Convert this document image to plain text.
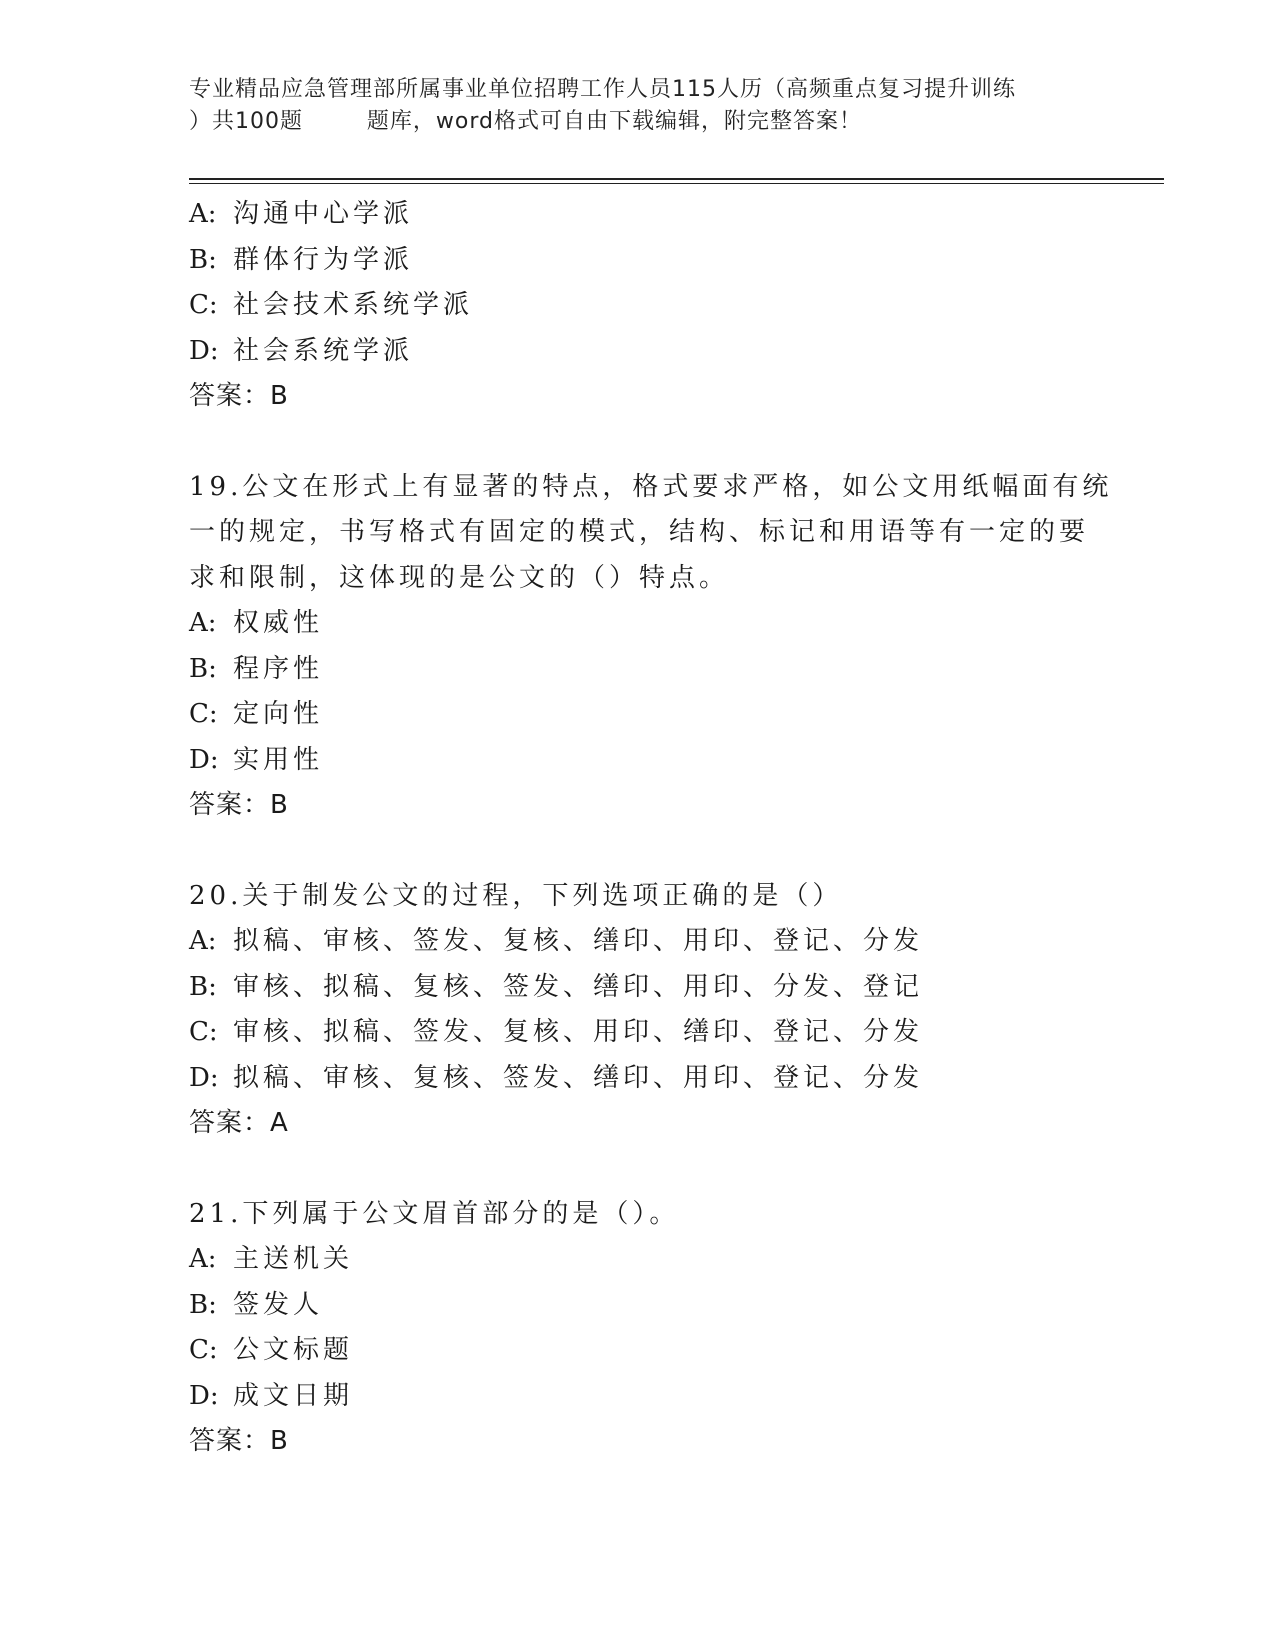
专业精品应急管理部所属事业单位招聘工作人员115人历（高频重点复习提升训练
）共100题        题库，word格式可自由下载编辑，附完整答案！
A: 沟通中心学派
B: 群体行为学派
C: 社会技术系统学派
D: 社会系统学派
答案：B
19.公文在形式上有显著的特点，格式要求严格，如公文用纸幅面有统
一的规定，书写格式有固定的模式，结构、标记和用语等有一定的要
求和限制，这体现的是公文的（）特点。
A: 权威性
B: 程序性
C: 定向性
D: 实用性
答案：B
20.关于制发公文的过程，下列选项正确的是（）
A: 拟稿、审核、签发、复核、缮印、用印、登记、分发
B: 审核、拟稿、复核、签发、缮印、用印、分发、登记
C: 审核、拟稿、签发、复核、用印、缮印、登记、分发
D: 拟稿、审核、复核、签发、缮印、用印、登记、分发
答案：A
21.下列属于公文眉首部分的是（）。
A: 主送机关
B: 签发人
C: 公文标题
D: 成文日期
答案：B
